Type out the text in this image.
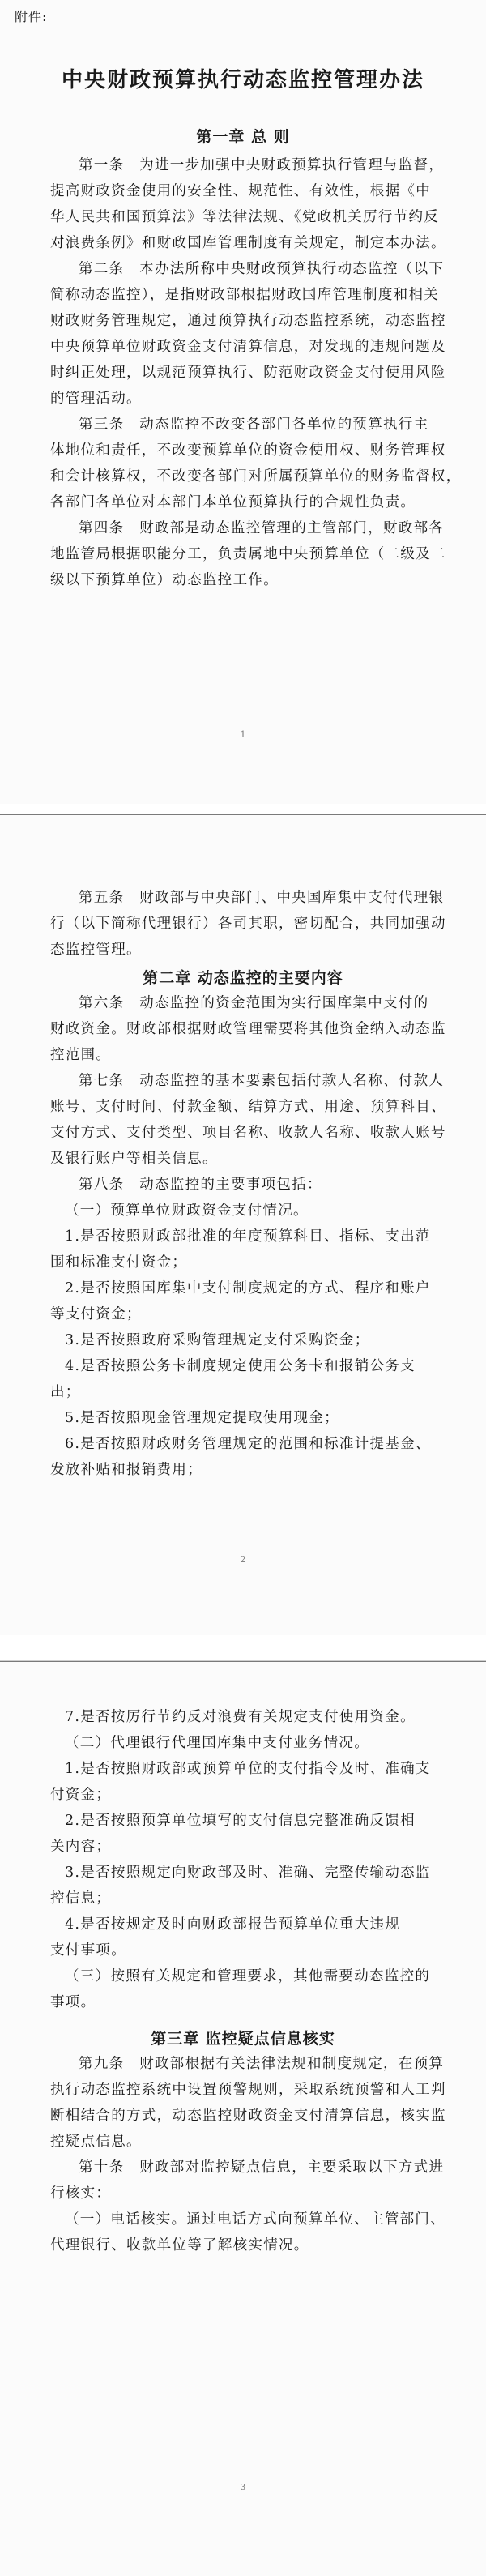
附件:
中央财政预算执行动态监控管理办法
第一章 总 则
第一条　为进一步加强中央财政预算执行管理与监督，
提高财政资金使用的安全性、规范性、有效性，根据《中
华人民共和国预算法》等法律法规、《党政机关厉行节约反
对浪费条例》和财政国库管理制度有关规定，制定本办法。
第二条　本办法所称中央财政预算执行动态监控（以下
简称动态监控），是指财政部根据财政国库管理制度和相关
财政财务管理规定，通过预算执行动态监控系统，动态监控
中央预算单位财政资金支付清算信息，对发现的违规问题及
时纠正处理，以规范预算执行、防范财政资金支付使用风险
的管理活动。
第三条　动态监控不改变各部门各单位的预算执行主
体地位和责任，不改变预算单位的资金使用权、财务管理权
和会计核算权，不改变各部门对所属预算单位的财务监督权，
各部门各单位对本部门本单位预算执行的合规性负责。
第四条　财政部是动态监控管理的主管部门，财政部各
地监管局根据职能分工，负责属地中央预算单位（二级及二
级以下预算单位）动态监控工作。
1
第五条　财政部与中央部门、中央国库集中支付代理银
行（以下简称代理银行）各司其职，密切配合，共同加强动
态监控管理。
第二章 动态监控的主要内容
第六条　动态监控的资金范围为实行国库集中支付的
财政资金。财政部根据财政管理需要将其他资金纳入动态监
控范围。
第七条　动态监控的基本要素包括付款人名称、付款人
账号、支付时间、付款金额、结算方式、用途、预算科目、
支付方式、支付类型、项目名称、收款人名称、收款人账号
及银行账户等相关信息。
第八条　动态监控的主要事项包括：
（一）预算单位财政资金支付情况。
1.是否按照财政部批准的年度预算科目、指标、支出范
围和标准支付资金；
2.是否按照国库集中支付制度规定的方式、程序和账户
等支付资金；
3.是否按照政府采购管理规定支付采购资金；
4.是否按照公务卡制度规定使用公务卡和报销公务支
出；
5.是否按照现金管理规定提取使用现金；
6.是否按照财政财务管理规定的范围和标准计提基金、
发放补贴和报销费用；
2
7.是否按厉行节约反对浪费有关规定支付使用资金。
（二）代理银行代理国库集中支付业务情况。
1.是否按照财政部或预算单位的支付指令及时、准确支
付资金；
2.是否按照预算单位填写的支付信息完整准确反馈相
关内容；
3.是否按照规定向财政部及时、准确、完整传输动态监
控信息；
4.是否按规定及时向财政部报告预算单位重大违规
支付事项。
（三）按照有关规定和管理要求，其他需要动态监控的
事项。
第三章 监控疑点信息核实
第九条　财政部根据有关法律法规和制度规定，在预算
执行动态监控系统中设置预警规则，采取系统预警和人工判
断相结合的方式，动态监控财政资金支付清算信息，核实监
控疑点信息。
第十条　财政部对监控疑点信息，主要采取以下方式进
行核实：
（一）电话核实。通过电话方式向预算单位、主管部门、
代理银行、收款单位等了解核实情况。
3
